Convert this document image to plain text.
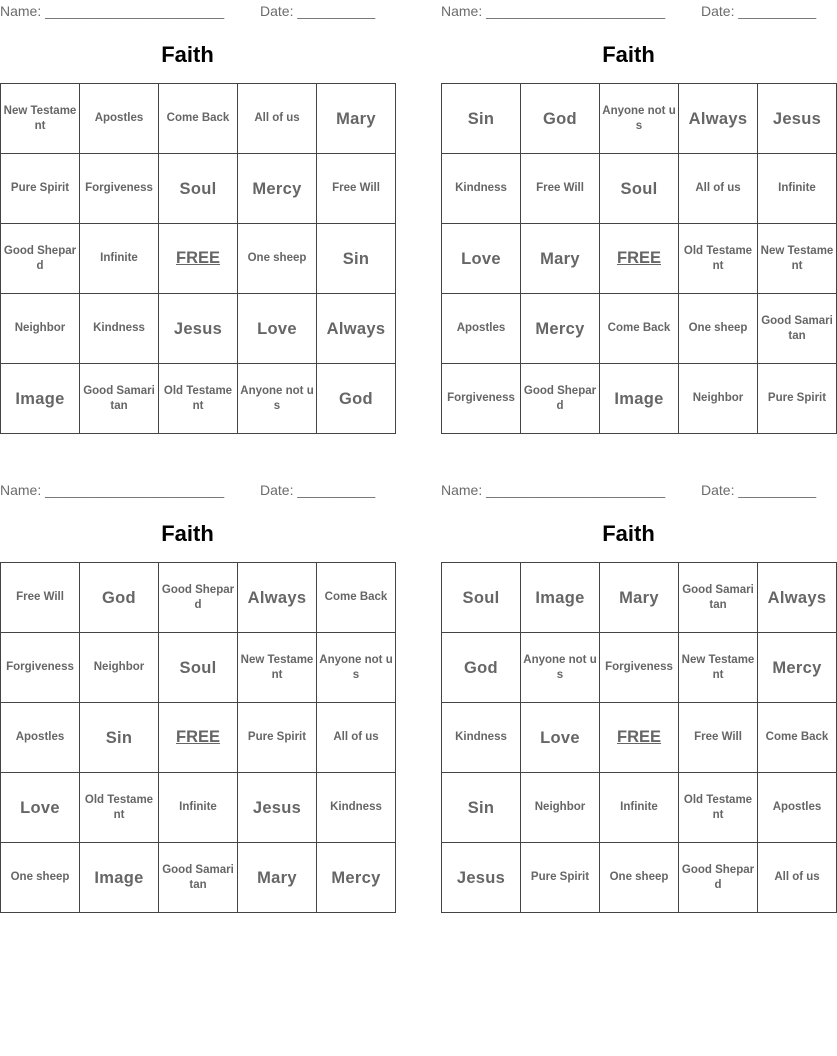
Name: _______________________	Date: __________
Faith
New Testament	Apostles	Come Back	All of us	Mary
Pure Spirit	Forgiveness	Soul	Mercy	Free Will
Good Shepard	Infinite	FREE	One sheep	Sin
Neighbor	Kindness	Jesus	Love	Always
Image	Good Samaritan	Old Testament	Anyone not us	God
Name: _______________________	Date: __________
Faith
Sin	God	Anyone not us	Always	Jesus
Kindness	Free Will	Soul	All of us	Infinite
Love	Mary	FREE	Old Testament	New Testament
Apostles	Mercy	Come Back	One sheep	Good Samaritan
Forgiveness	Good Shepard	Image	Neighbor	Pure Spirit
Name: _______________________	Date: __________
Faith
Free Will	God	Good Shepard	Always	Come Back
Forgiveness	Neighbor	Soul	New Testament	Anyone not us
Apostles	Sin	FREE	Pure Spirit	All of us
Love	Old Testament	Infinite	Jesus	Kindness
One sheep	Image	Good Samaritan	Mary	Mercy
Name: _______________________	Date: __________
Faith
Soul	Image	Mary	Good Samaritan	Always
God	Anyone not us	Forgiveness	New Testament	Mercy
Kindness	Love	FREE	Free Will	Come Back
Sin	Neighbor	Infinite	Old Testament	Apostles
Jesus	Pure Spirit	One sheep	Good Shepard	All of us
